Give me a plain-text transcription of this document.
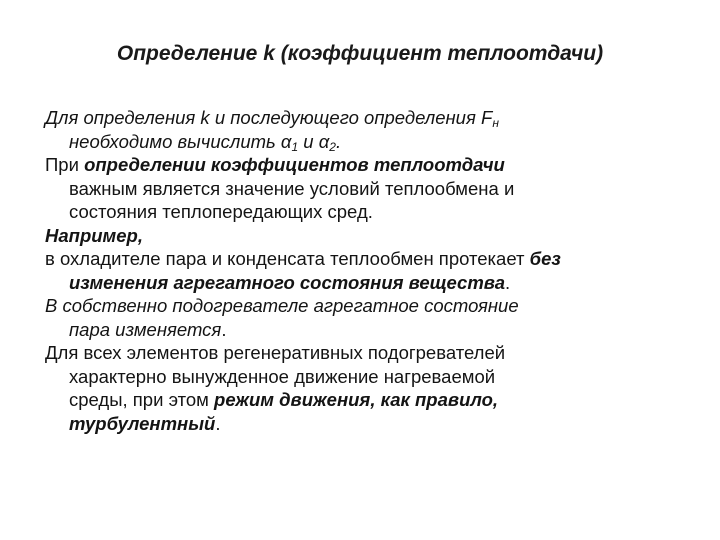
Определение k (коэффициент теплоотдачи)
Для определения k и последующего определения $F_н$
необходимо вычислить $\alpha_1$ и $\alpha_2$.
При определении коэффициентов теплоотдачи
важным является значение условий теплообмена и
состояния теплопередающих сред.
Например,
в охладителе пара и конденсата теплообмен протекает без
изменения агрегатного состояния вещества.
В собственно подогревателе агрегатное состояние
пара изменяется.
Для всех элементов регенеративных подогревателей
характерно вынужденное движение нагреваемой
среды, при этом режим движения, как правило,
турбулентный.
